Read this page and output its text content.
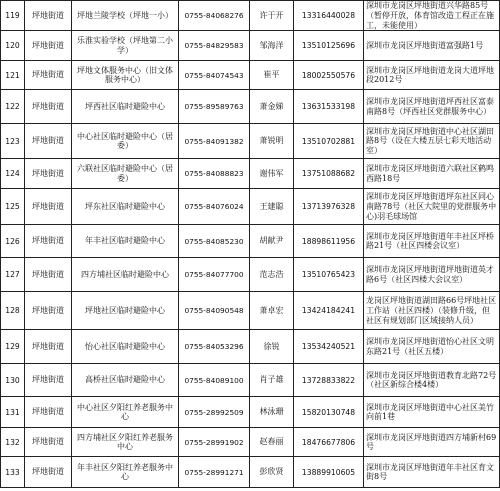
119	坪地街道	坪地兰陵学校（坪地一小）	0755-84068276	许于开	13316440028	深圳市龙岗区坪地街道兴华路85号（暂停开放，体育馆改造工程正在施工，未能使用）
120	坪地街道	乐淮实验学校（坪地第二小学）	0755-84829583	邹海洋	13510125696	深圳市龙岗区坪地街道富强路1号
121	坪地街道	坪地文体服务中心（旧文体服务中心）	0755-84074543	崔平	18002550576	深圳市龙岗区坪地街道龙岗大道坪地段2012号
122	坪地街道	坪西社区临时避险中心	0755-89589763	萧金娣	13631533198	深圳市龙岗区坪地街道坪西社区富泰南路8号（坪西社区党群服务中心）
123	坪地街道	中心社区临时避险中心（居委）	0755-84091382	萧锐明	13510702881	深圳市龙岗区坪地街道中心社区湖田路8号（设在大楼五层七彩天地活动室）
124	坪地街道	六联社区临时避险中心（居委）	0755-84088823	谢伟军	13751088682	深圳市龙岗区坪地街道六联社区鹤鸣西路18号
125	坪地街道	坪东社区临时避险中心	0755-84076024	王建聪	13713976328	深圳市龙岗区坪地街道坪东社区同心南路78号（社区大院里的党群服务中心)羽毛球场馆
126	坪地街道	年丰社区临时避险中心	0755-84085230	胡献尹	18898611956	深圳市龙岗区坪地街道年丰社区坪桥路21号（社区四楼会议室）
127	坪地街道	四方埔社区临时避险中心	0755-84077700	范志浩	13510765423	深圳市龙岗区坪地街道坪地街道英才路6号（社区四楼大会议室）
128	坪地街道	坪地社区临时避险中心	0755-84090548	萧卓宏	13424184241	龙岗区坪地街道湖田路66号坪地社区工作站（社区四楼）（装修升级，但社区有规划部门区域接纳人员）
129	坪地街道	怡心社区临时避险中心	0755-84053296	徐锐	13534240521	深圳市龙岗区坪地街道怡心社区文明东路21号（社区五楼）
130	坪地街道	高桥社区临时避险中心	0755-84089100	肖子雄	13728833822	深圳市龙岗区坪地街道教育北路72号（社区新综合楼4楼）
131	坪地街道	中心社区夕阳红养老服务中心	0755-28992509	林泳珊	15820130748	深圳市龙岗区坪地街道中心社区美竹向前1巷
132	坪地街道	四方埔社区夕阳红养老服务中心	0755-28991902	赵春丽	18476677806	深圳市龙岗区坪地街道四方埔新村69号
133	坪地街道	年丰社区夕阳红养老服务中心	0755-28991271	彭欣贤	13889910605	深圳市龙岗区坪地街道年丰社区育文街8号
